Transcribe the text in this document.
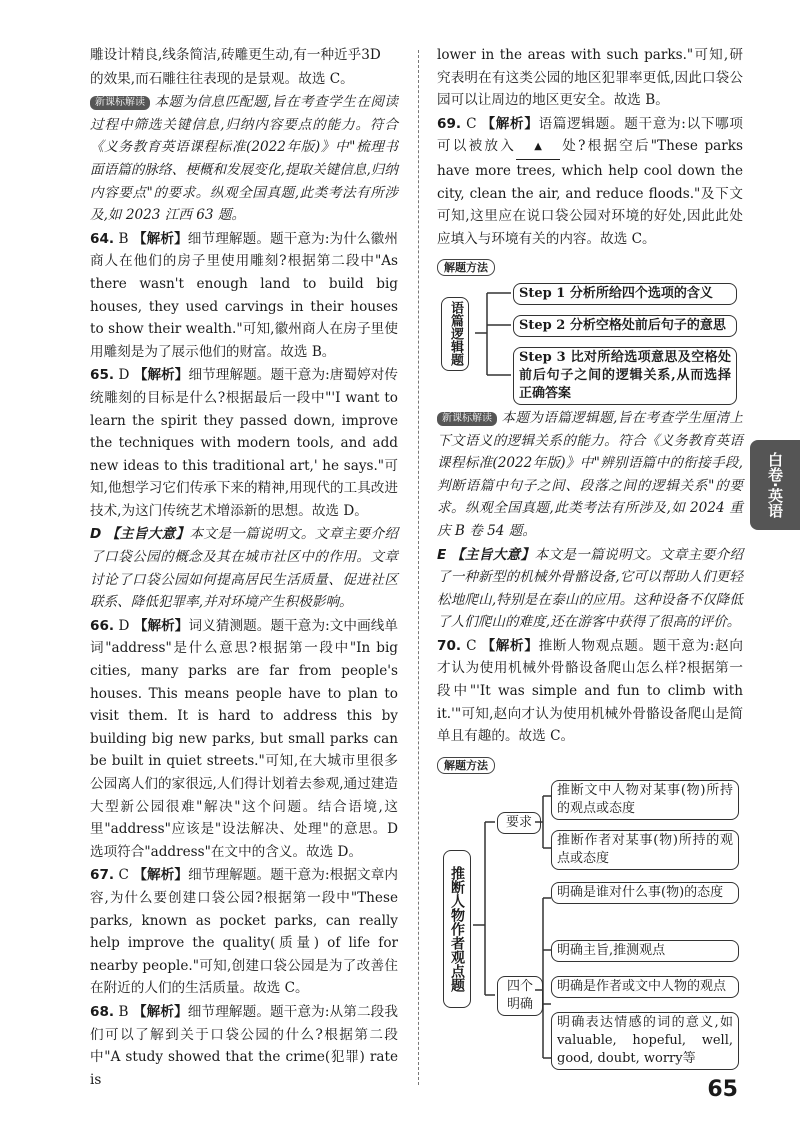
雕设计精良,线条简洁,砖雕更生动,有一种近乎3D

的效果,而石雕往往表现的是景观。故选 C。

新课标解读 本题为信息匹配题,旨在考查学生在阅读过程中筛选关键信息,归纳内容要点的能力。符合《义务教育英语课程标准(2022年版)》中"梳理书面语篇的脉络、梗概和发展变化,提取关键信息,归纳内容要点"的要求。纵观全国真题,此类考法有所涉及,如 2023 江西 63 题。

64. B 【解析】细节理解题。题干意为:为什么徽州商人在他们的房子里使用雕刻?根据第二段中"As there wasn't enough land to build big houses, they used carvings in their houses to show their wealth."可知,徽州商人在房子里使用雕刻是为了展示他们的财富。故选 B。

65. D 【解析】细节理解题。题干意为:唐蜀婷对传统雕刻的目标是什么?根据最后一段中"'I want to learn the spirit they passed down, improve the techniques with modern tools, and add new ideas to this traditional art,' he says."可知,他想学习它们传承下来的精神,用现代的工具改进技术,为这门传统艺术增添新的思想。故选 D。

D 【主旨大意】本文是一篇说明文。文章主要介绍了口袋公园的概念及其在城市社区中的作用。文章讨论了口袋公园如何提高居民生活质量、促进社区联系、降低犯罪率,并对环境产生积极影响。

66. D 【解析】词义猜测题。题干意为:文中画线单词"address"是什么意思?根据第一段中"In big cities, many parks are far from people's houses. This means people have to plan to visit them. It is hard to address this by building big new parks, but small parks can be built in quiet streets."可知,在大城市里很多公园离人们的家很远,人们得计划着去参观,通过建造大型新公园很难"解决"这个问题。结合语境,这里"address"应该是"设法解决、处理"的意思。D 选项符合"address"在文中的含义。故选 D。

67. C 【解析】细节理解题。题干意为:根据文章内容,为什么要创建口袋公园?根据第一段中"These parks, known as pocket parks, can really help improve the quality(质量) of life for nearby people."可知,创建口袋公园是为了改善住在附近的人们的生活质量。故选 C。

68. B 【解析】细节理解题。题干意为:从第二段我们可以了解到关于口袋公园的什么?根据第二段中"A study showed that the crime(犯罪) rate is

lower in the areas with such parks."可知,研究表明在有这类公园的地区犯罪率更低,因此口袋公园可以让周边的地区更安全。故选 B。

69. C 【解析】语篇逻辑题。题干意为:以下哪项可以被放入 ▲ 处?根据空后"These parks have more trees, which help cool down the city, clean the air, and reduce floods."及下文可知,这里应在说口袋公园对环境的好处,因此此处应填入与环境有关的内容。故选 C。

解题方法
语篇逻辑题
Step 1 分析所给四个选项的含义
Step 2 分析空格处前后句子的意思
Step 3 比对所给选项意思及空格处前后句子之间的逻辑关系,从而选择正确答案

新课标解读 本题为语篇逻辑题,旨在考查学生厘清上下文语义的逻辑关系的能力。符合《义务教育英语课程标准(2022年版)》中"辨别语篇中的衔接手段,判断语篇中句子之间、段落之间的逻辑关系"的要求。纵观全国真题,此类考法有所涉及,如 2024 重庆 B 卷 54 题。

E 【主旨大意】本文是一篇说明文。文章主要介绍了一种新型的机械外骨骼设备,它可以帮助人们更轻松地爬山,特别是在泰山的应用。这种设备不仅降低了人们爬山的难度,还在游客中获得了很高的评价。

70. C 【解析】推断人物观点题。题干意为:赵向才认为使用机械外骨骼设备爬山怎么样?根据第一段中"'It was simple and fun to climb with it.'"可知,赵向才认为使用机械外骨骼设备爬山是简单且有趣的。故选 C。

解题方法
推断人物作者观点题
要求
四个明确
推断文中人物对某事(物)所持的观点或态度
推断作者对某事(物)所持的观点或态度
明确是谁对什么事(物)的态度
明确主旨,推测观点
明确是作者或文中人物的观点
明确表达情感的词的意义,如valuable, hopeful, well, good, doubt, worry等
白卷·英语
65
